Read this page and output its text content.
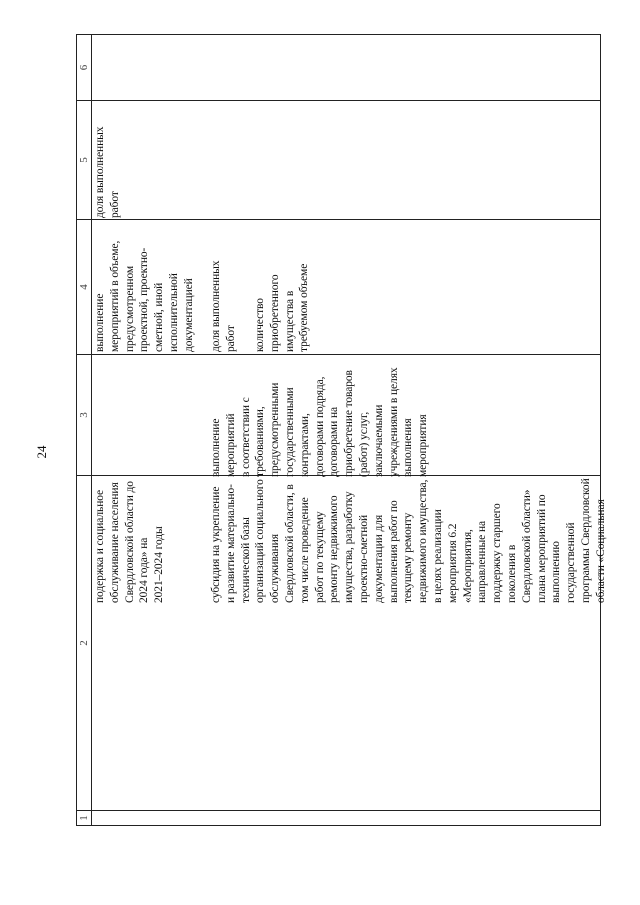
24
1
2
3
4
5
6
подержка и социальное
обслуживание населения
Свердловской области до
2024 года» на
2021–2024 годы
выполнение
мероприятий в объеме,
предусмотренном
проектной, проектно-
сметной, иной
исполнительной
документацией
доля выполненных
работ
субсидия на укрепление
и развитие материально-
технической базы
организаций социального
обслуживания
Свердловской области, в
том числе проведение
работ по текущему
ремонту недвижимого
имущества, разработку
проектно-сметной
документации для
выполнения работ по
текущему ремонту
недвижимого имущества,
в целях реализации
мероприятия 6.2
«Мероприятия,
направленные на
поддержку старшего
поколения в
Свердловской области»
плана мероприятий по
выполнению
государственной
программы Свердловской
области «Социальная
выполнение
мероприятий
в соответствии с
требованиями,
предусмотренными
государственными
контрактами,
договорами подряда,
договорами на
приобретение товаров
(работ) услуг,
заключаемыми
учреждениями в целях
выполнения
мероприятия
доля выполненных
работ количество
приобретенного
имущества в
требуемом объеме
